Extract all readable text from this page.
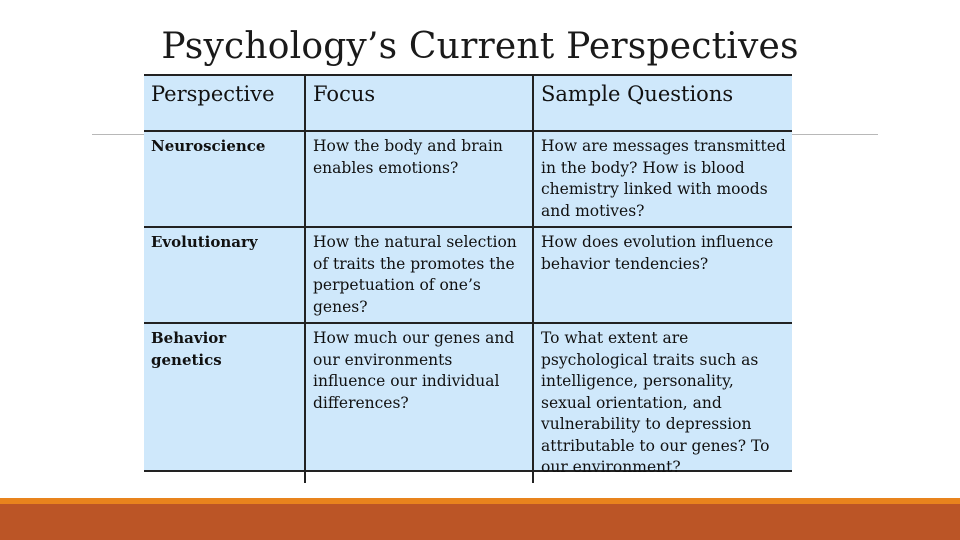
Psychology’s Current Perspectives
Perspective	Focus	Sample Questions
Neuroscience	How the body and brain enables emotions?	How are messages transmitted in the body? How is blood chemistry linked with moods and motives?
Evolutionary	How the natural selection of traits the promotes the perpetuation of one’s genes?	How does evolution influence behavior tendencies?
Behavior genetics	How much our genes and our environments influence our individual differences?	To what extent are psychological traits such as intelligence, personality, sexual orientation, and vulnerability to depression attributable to our genes? To our environment?
